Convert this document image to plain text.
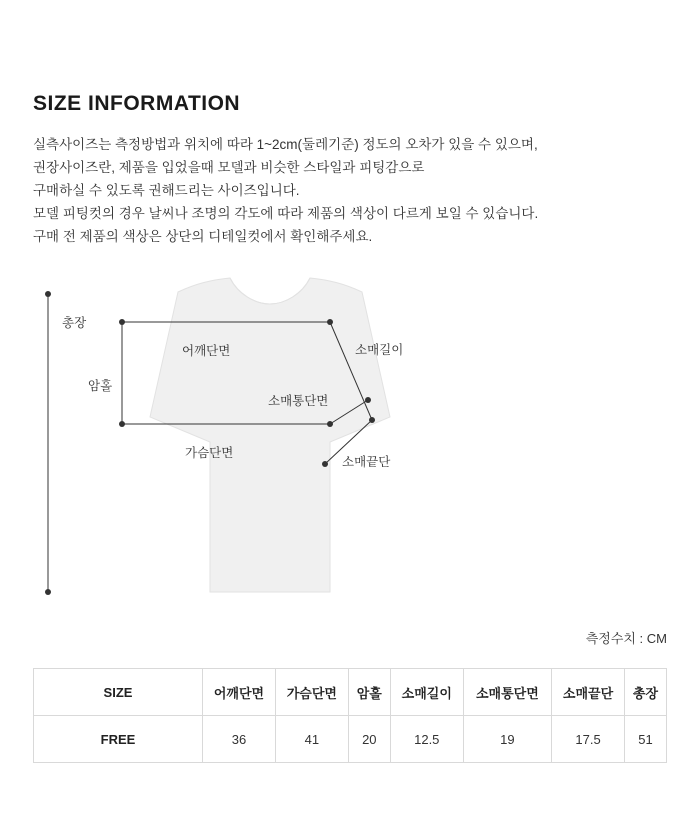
SIZE INFORMATION
실측사이즈는 측정방법과 위치에 따라 1~2cm(둘레기준) 정도의 오차가 있을 수 있으며,
권장사이즈란, 제품을 입었을때 모델과 비슷한 스타일과 피팅감으로
구매하실 수 있도록 권해드리는 사이즈입니다.
모델 피팅컷의 경우 날씨나 조명의 각도에 따라 제품의 색상이 다르게 보일 수 있습니다.
구매 전 제품의 색상은 상단의 디테일컷에서 확인해주세요.
총장
어깨단면
암홀
가슴단면
소매길이
소매통단면
소매끝단
측정수치 : CM
SIZE	어깨단면	가슴단면	암홀	소매길이	소매통단면	소매끝단	총장
FREE	36	41	20	12.5	19	17.5	51
